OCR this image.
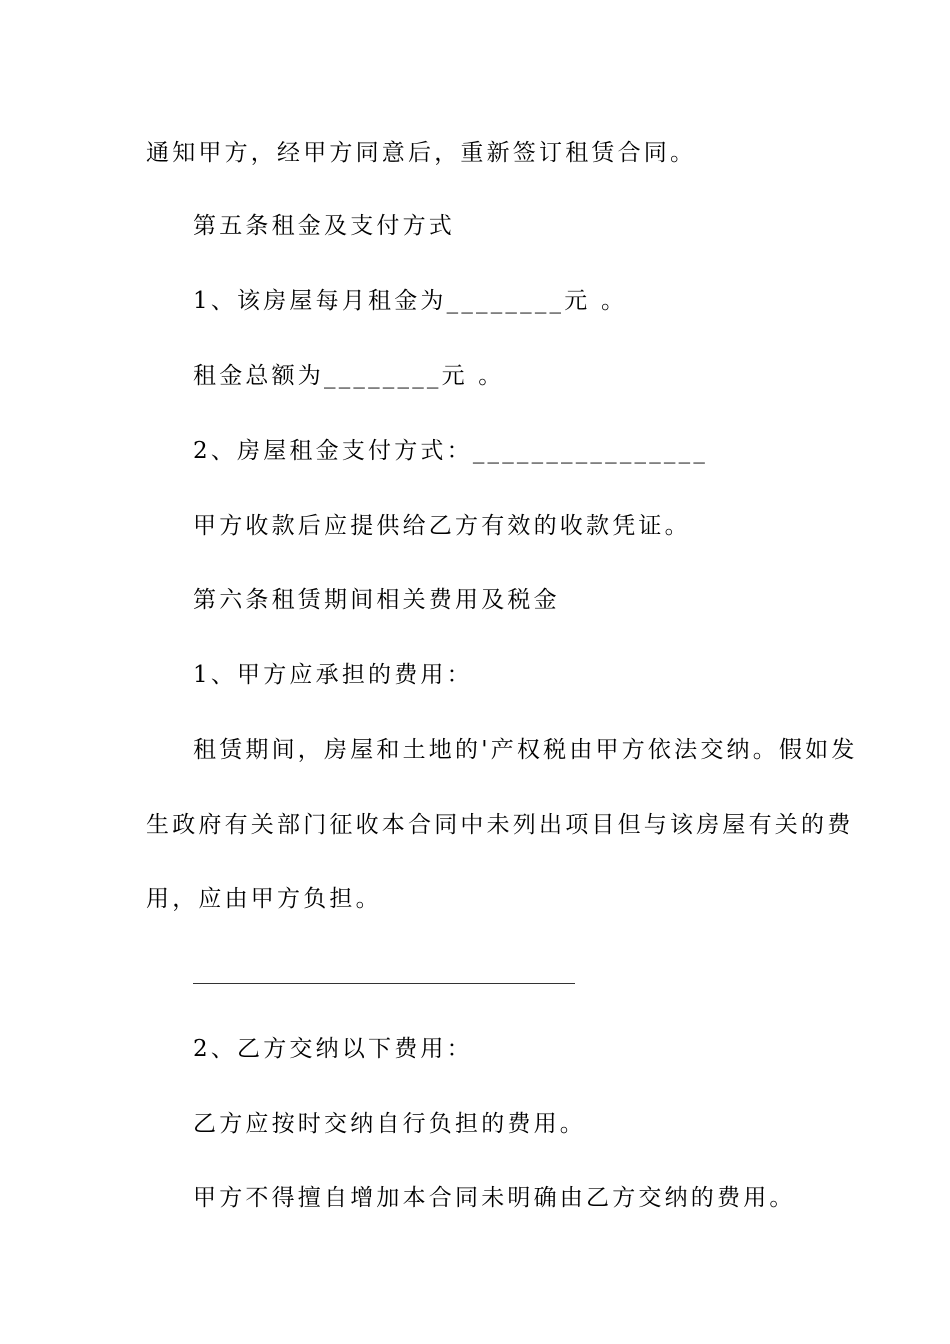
通知甲方，经甲方同意后，重新签订租赁合同。
第五条租金及支付方式
1、该房屋每月租金为________元 。
租金总额为________元 。
2、房屋租金支付方式：________________
甲方收款后应提供给乙方有效的收款凭证。
第六条租赁期间相关费用及税金
1、甲方应承担的费用：
租赁期间，房屋和土地的'产权税由甲方依法交纳。假如发
生政府有关部门征收本合同中未列出项目但与该房屋有关的费
用，应由甲方负担。
2、乙方交纳以下费用：
乙方应按时交纳自行负担的费用。
甲方不得擅自增加本合同未明确由乙方交纳的费用。
